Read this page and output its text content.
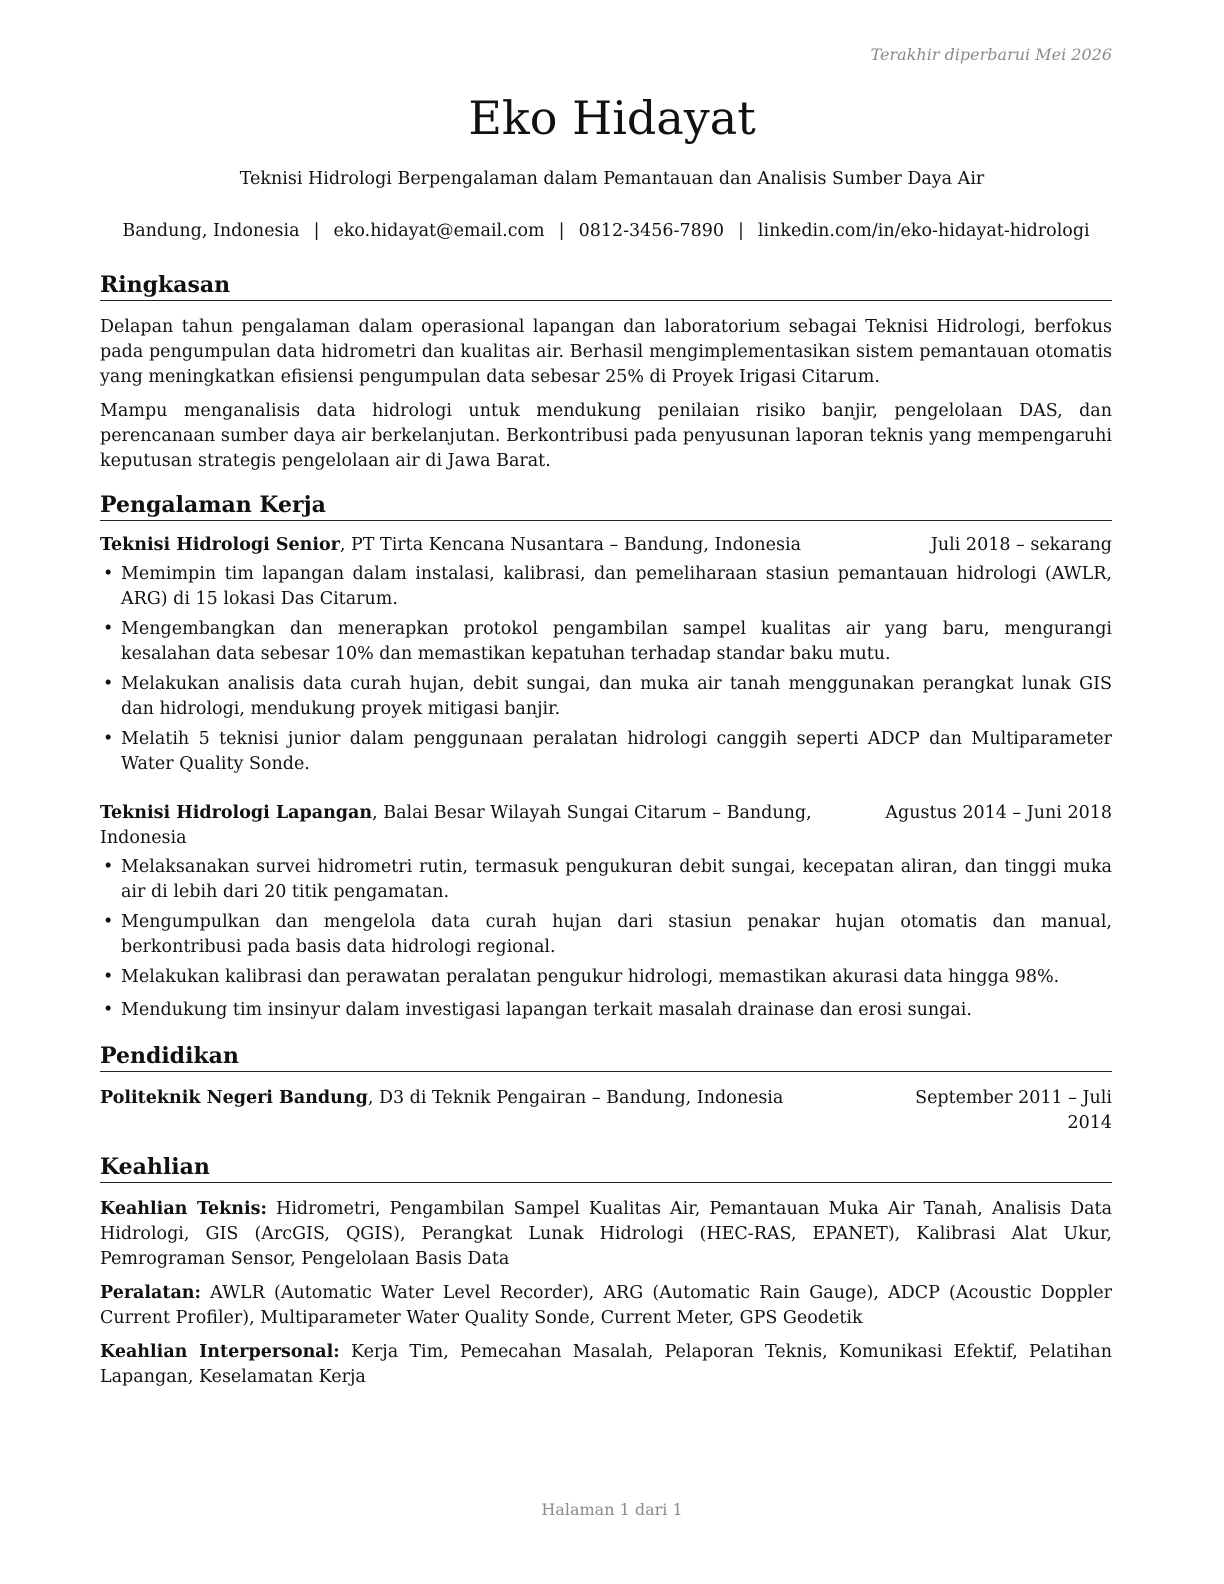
Terakhir diperbarui Mei 2026
Eko Hidayat
Teknisi Hidrologi Berpengalaman dalam Pemantauan dan Analisis Sumber Daya Air
Bandung, Indonesia | eko.hidayat@email.com | 0812-3456-7890 | linkedin.com/in/eko-hidayat-hidrologi
Ringkasan

Delapan tahun pengalaman dalam operasional lapangan dan laboratorium sebagai Teknisi Hidrologi, berfokus pada pengumpulan data hidrometri dan kualitas air. Berhasil mengimplementasikan sistem pemantauan otomatis yang meningkatkan efisiensi pengumpulan data sebesar 25% di Proyek Irigasi Citarum.

Mampu menganalisis data hidrologi untuk mendukung penilaian risiko banjir, pengelolaan DAS, dan perencanaan sumber daya air berkelanjutan. Berkontribusi pada penyusunan laporan teknis yang mempengaruhi keputusan strategis pengelolaan air di Jawa Barat.

Pengalaman Kerja
Teknisi Hidrologi Senior, PT Tirta Kencana Nusantara – Bandung, Indonesia	Juli 2018 – sekarang
• Memimpin tim lapangan dalam instalasi, kalibrasi, dan pemeliharaan stasiun pemantauan hidrologi (AWLR, ARG) di 15 lokasi Das Citarum.
• Mengembangkan dan menerapkan protokol pengambilan sampel kualitas air yang baru, mengurangi kesalahan data sebesar 10% dan memastikan kepatuhan terhadap standar baku mutu.
• Melakukan analisis data curah hujan, debit sungai, dan muka air tanah menggunakan perangkat lunak GIS dan hidrologi, mendukung proyek mitigasi banjir.
• Melatih 5 teknisi junior dalam penggunaan peralatan hidrologi canggih seperti ADCP dan Multiparameter Water Quality Sonde.
Teknisi Hidrologi Lapangan, Balai Besar Wilayah Sungai Citarum – Bandung, Indonesia
Agustus 2014 – Juni 2018
• Melaksanakan survei hidrometri rutin, termasuk pengukuran debit sungai, kecepatan aliran, dan tinggi muka air di lebih dari 20 titik pengamatan.
• Mengumpulkan dan mengelola data curah hujan dari stasiun penakar hujan otomatis dan manual, berkontribusi pada basis data hidrologi regional.
• Melakukan kalibrasi dan perawatan peralatan pengukur hidrologi, memastikan akurasi data hingga 98%.
• Mendukung tim insinyur dalam investigasi lapangan terkait masalah drainase dan erosi sungai.
Pendidikan
Politeknik Negeri Bandung, D3 di Teknik Pengairan – Bandung, Indonesia	September 2011 – Juli 2014
Keahlian

Keahlian Teknis: Hidrometri, Pengambilan Sampel Kualitas Air, Pemantauan Muka Air Tanah, Analisis Data Hidrologi, GIS (ArcGIS, QGIS), Perangkat Lunak Hidrologi (HEC-RAS, EPANET), Kalibrasi Alat Ukur, Pemrograman Sensor, Pengelolaan Basis Data

Peralatan: AWLR (Automatic Water Level Recorder), ARG (Automatic Rain Gauge), ADCP (Acoustic Doppler Current Profiler), Multiparameter Water Quality Sonde, Current Meter, GPS Geodetik

Keahlian Interpersonal: Kerja Tim, Pemecahan Masalah, Pelaporan Teknis, Komunikasi Efektif, Pelatihan Lapangan, Keselamatan Kerja

Halaman 1 dari 1
